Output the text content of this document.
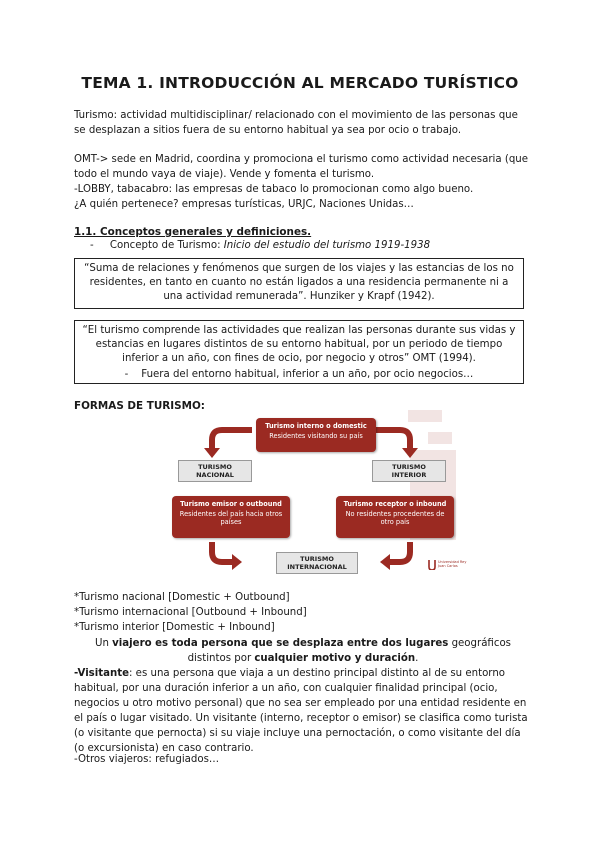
TEMA 1. INTRODUCCIÓN AL MERCADO TURÍSTICO
Turismo: actividad multidisciplinar/ relacionado con el movimiento de las personas que se desplazan a sitios fuera de su entorno habitual ya sea por ocio o trabajo.
OMT-> sede en Madrid, coordina y promociona el turismo como actividad necesaria (que todo el mundo vaya de viaje). Vende y fomenta el turismo.
-LOBBY, tabacabro: las empresas de tabaco lo promocionan como algo bueno.
¿A quién pertenece? empresas turísticas, URJC, Naciones Unidas…
1.1. Conceptos generales y definiciones.
-     Concepto de Turismo: Inicio del estudio del turismo 1919-1938
“Suma de relaciones y fenómenos que surgen de los viajes y las estancias de los no residentes, en tanto en cuanto no están ligados a una residencia permanente ni a una actividad remunerada”. Hunziker y Krapf (1942).
“El turismo comprende las actividades que realizan las personas durante sus vidas y estancias en lugares distintos de su entorno habitual, por un periodo de tiempo inferior a un año, con fines de ocio, por negocio y otros” OMT (1994).
-    Fuera del entorno habitual, inferior a un año, por ocio negocios…
FORMAS DE TURISMO:
Turismo interno o domestic
Residentes visitando su país
TURISMO
NACIONAL
TURISMO
INTERIOR
Turismo emisor o outbound
Residentes del país hacia otros países
Turismo receptor o inbound
No residentes procedentes de otro país
TURISMO
INTERNACIONAL
Universidad Rey Juan Carlos

*Turismo nacional [Domestic + Outbound]

*Turismo internacional [Outbound + Inbound]

*Turismo interior [Domestic + Inbound]

Un viajero es toda persona que se desplaza entre dos lugares geográficos distintos por cualquier motivo y duración.
-Visitante: es una persona que viaja a un destino principal distinto al de su entorno habitual, por una duración inferior a un año, con cualquier finalidad principal (ocio, negocios u otro motivo personal) que no sea ser empleado por una entidad residente en el país o lugar visitado. Un visitante (interno, receptor o emisor) se clasifica como turista (o visitante que pernocta) si su viaje incluye una pernoctación, o como visitante del día (o excursionista) en caso contrario.
-Otros viajeros: refugiados…
